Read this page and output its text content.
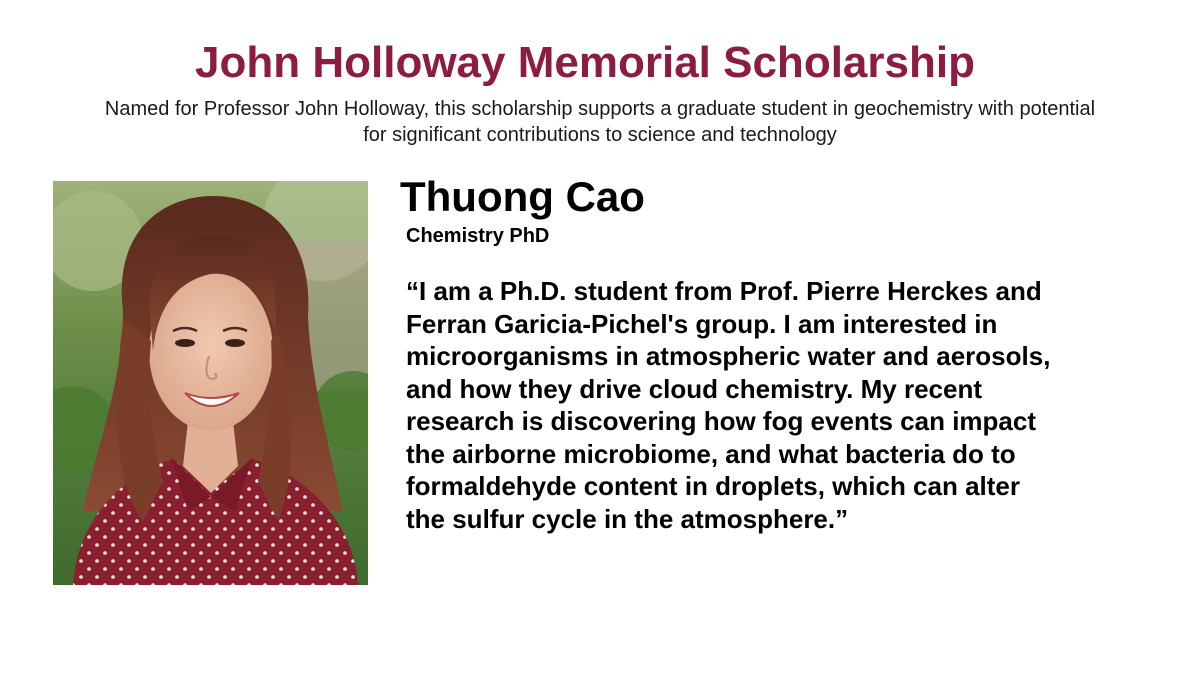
John Holloway Memorial Scholarship

Named for Professor John Holloway, this scholarship supports a graduate student in geochemistry with potential for significant contributions to science and technology

Thuong Cao
Chemistry PhD
“I am a Ph.D. student from Prof. Pierre Herckes and
Ferran Garicia-Pichel's group. I am interested in
microorganisms in atmospheric water and aerosols,
and how they drive cloud chemistry. My recent
research is discovering how fog events can impact
the airborne microbiome, and what bacteria do to
formaldehyde content in droplets, which can alter
the sulfur cycle in the atmosphere.”
